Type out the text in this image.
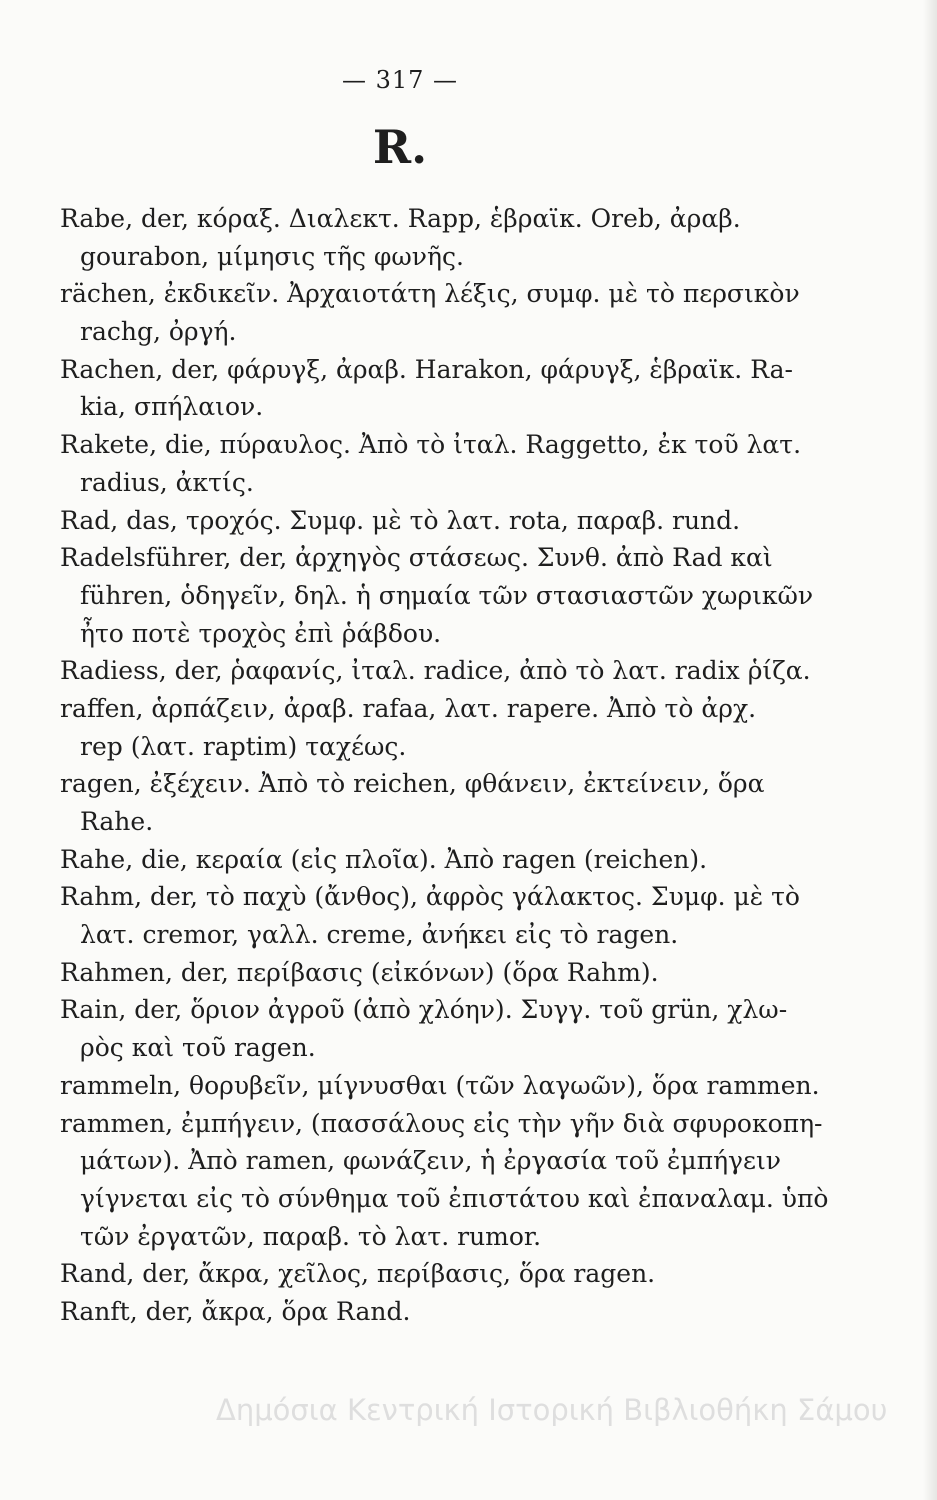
— 317 —
R.
Rabe, der, κόραξ. Διαλεκτ. Rapp, ἑβραϊκ. Oreb, ἀραβ.
gourabon, μίμησις τῆς φωνῆς.
rächen, ἐκδικεῖν. Ἀρχαιοτάτη λέξις, συμφ. μὲ τὸ περσικὸν
rachg, ὀργή.
Rachen, der, φάρυγξ, ἀραβ. Harakon, φάρυγξ, ἑβραϊκ. Ra-
kia, σπήλαιον.
Rakete, die, πύραυλος. Ἀπὸ τὸ ἰταλ. Raggetto, ἐκ τοῦ λατ.
radius, ἀκτίς.
Rad, das, τροχός. Συμφ. μὲ τὸ λατ. rota, παραβ. rund.
Radelsführer, der, ἀρχηγὸς στάσεως. Συνθ. ἀπὸ Rad καὶ
führen, ὁδηγεῖν, δηλ. ἡ σημαία τῶν στασιαστῶν χωρικῶν
ἦτο ποτὲ τροχὸς ἐπὶ ῥάβδου.
Radiess, der, ῥαφανίς, ἰταλ. radice, ἀπὸ τὸ λατ. radix ῥίζα.
raffen, ἁρπάζειν, ἀραβ. rafaa, λατ. rapere. Ἀπὸ τὸ ἀρχ.
rep (λατ. raptim) ταχέως.
ragen, ἐξέχειν. Ἀπὸ τὸ reichen, φθάνειν, ἐκτείνειν, ὅρα
Rahe.
Rahe, die, κεραία (εἰς πλοῖα). Ἀπὸ ragen (reichen).
Rahm, der, τὸ παχὺ (ἄνθος), ἀφρὸς γάλακτος. Συμφ. μὲ τὸ
λατ. cremor, γαλλ. creme, ἀνήκει εἰς τὸ ragen.
Rahmen, der, περίβασις (εἰκόνων) (ὅρα Rahm).
Rain, der, ὅριον ἀγροῦ (ἀπὸ χλόην). Συγγ. τοῦ grün, χλω-
ρὸς καὶ τοῦ ragen.
rammeln, θορυβεῖν, μίγνυσθαι (τῶν λαγωῶν), ὅρα rammen.
rammen, ἐμπήγειν, (πασσάλους εἰς τὴν γῆν διὰ σφυροκοπη-
μάτων). Ἀπὸ ramen, φωνάζειν, ἡ ἐργασία τοῦ ἐμπήγειν
γίγνεται εἰς τὸ σύνθημα τοῦ ἐπιστάτου καὶ ἐπαναλαμ. ὑπὸ
τῶν ἐργατῶν, παραβ. τὸ λατ. rumor.
Rand, der, ἄκρα, χεῖλος, περίβασις, ὅρα ragen.
Ranft, der, ἄκρα, ὅρα Rand.
Δημόσια Κεντρική Ιστορική Βιβλιοθήκη Σάμου
